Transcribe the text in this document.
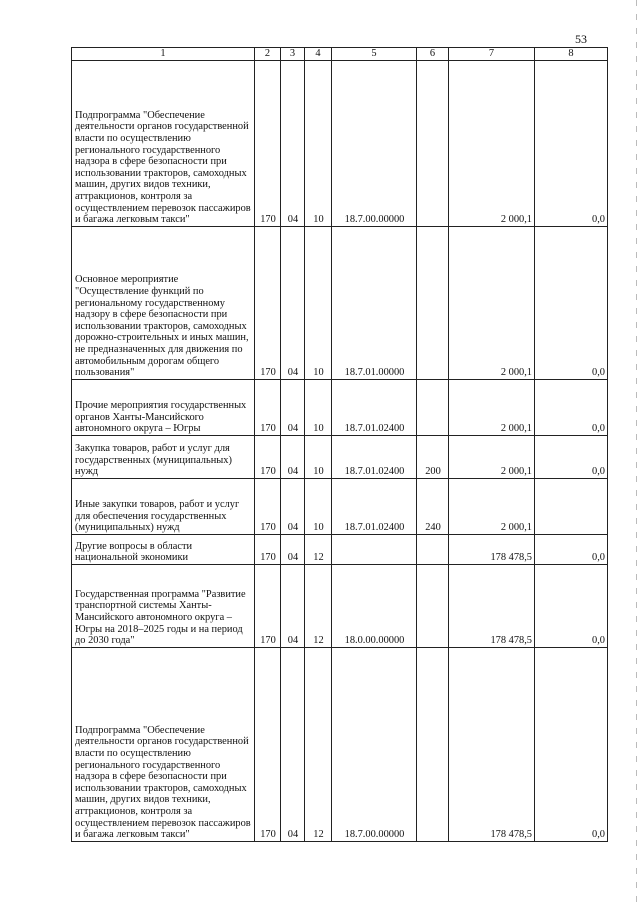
53
1	2	3	4	5	6	7	8
Подпрограмма "Обеспечение деятельности органов государственной власти по осуществлению регионального государственного надзора в сфере безопасности при использовании тракторов, самоходных машин, других видов техники, аттракционов, контроля за осуществлением перевозок пассажиров и багажа легковым такси"	170	04	10	18.7.00.00000		2 000,1	0,0
Основное мероприятие "Осуществление функций по региональному государственному надзору в сфере безопасности при использовании тракторов, самоходных дорожно-строительных и иных машин, не предназначенных для движения по автомобильным дорогам общего пользования"	170	04	10	18.7.01.00000		2 000,1	0,0
Прочие мероприятия государственных органов Ханты-Мансийского автономного округа – Югры	170	04	10	18.7.01.02400		2 000,1	0,0
Закупка товаров, работ и услуг для государственных (муниципальных) нужд	170	04	10	18.7.01.02400	200	2 000,1	0,0
Иные закупки товаров, работ и услуг для обеспечения государственных (муниципальных) нужд	170	04	10	18.7.01.02400	240	2 000,1	
Другие вопросы в области национальной экономики	170	04	12			178 478,5	0,0
Государственная программа "Развитие транспортной системы Ханты-Мансийского автономного округа – Югры на 2018–2025 годы и на период до 2030 года"	170	04	12	18.0.00.00000		178 478,5	0,0
Подпрограмма "Обеспечение деятельности органов государственной власти по осуществлению регионального государственного надзора в сфере безопасности при использовании тракторов, самоходных машин, других видов техники, аттракционов, контроля за осуществлением перевозок пассажиров и багажа легковым такси"	170	04	12	18.7.00.00000		178 478,5	0,0
